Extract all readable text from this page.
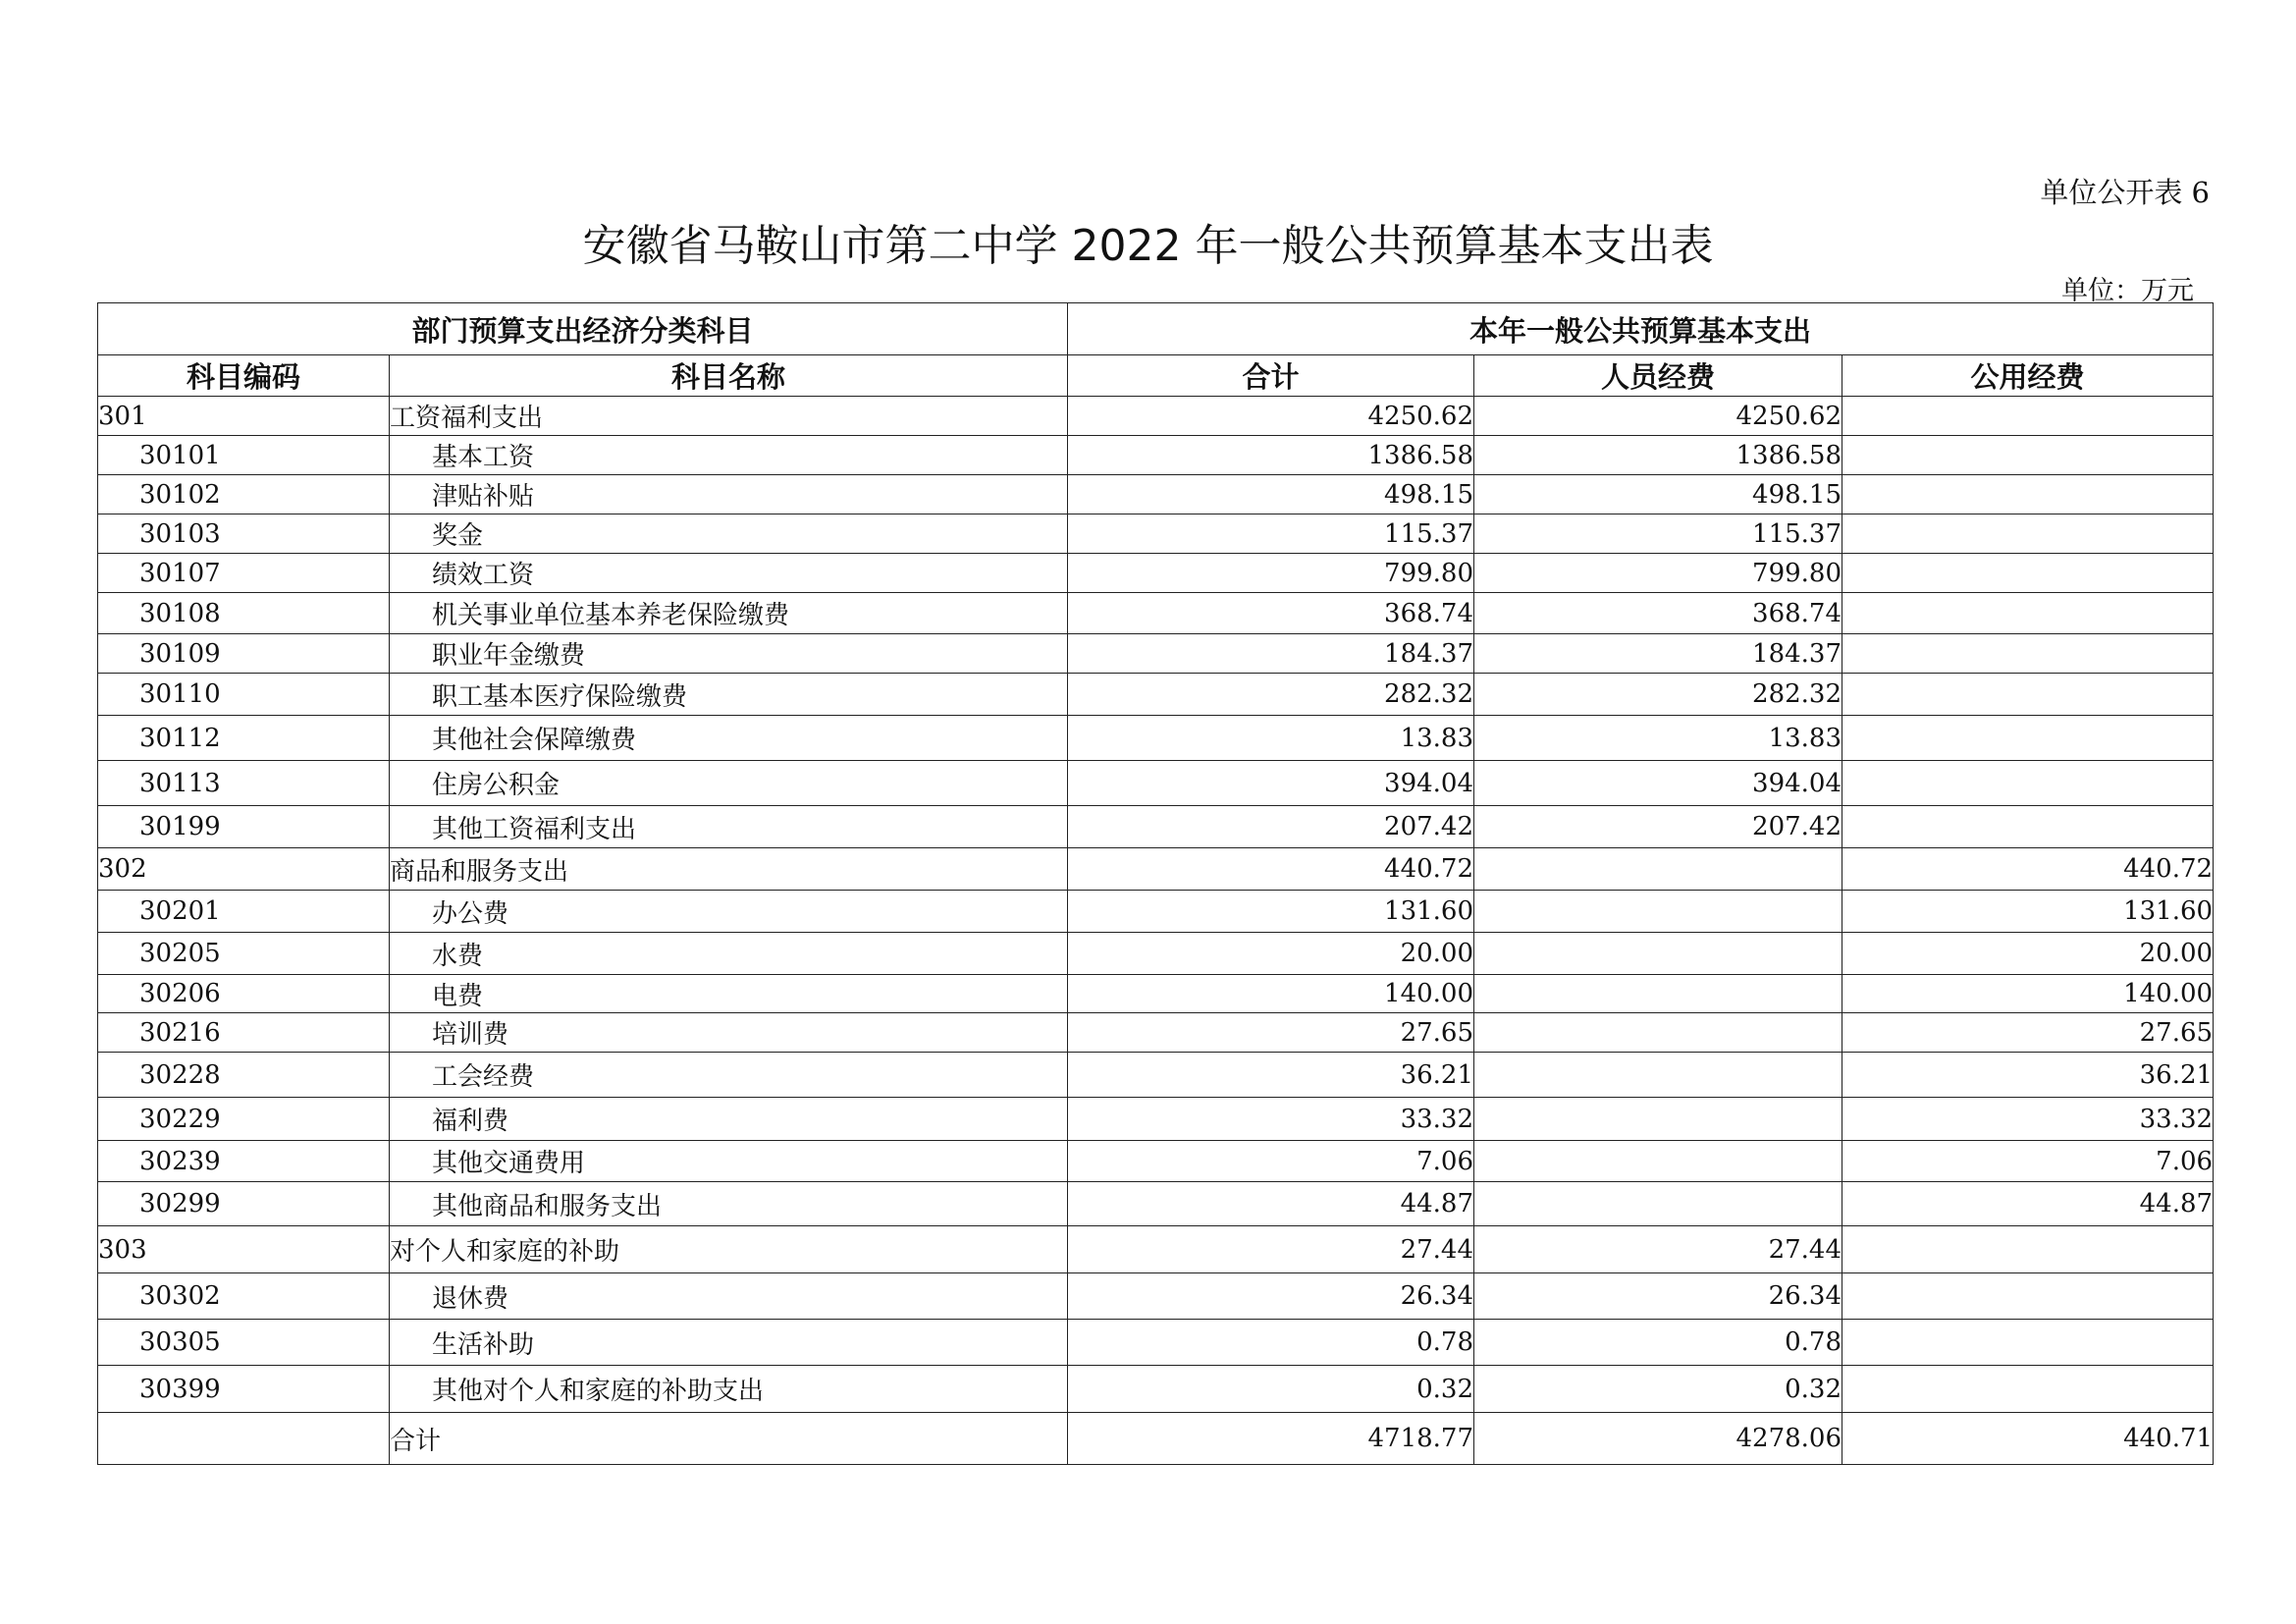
单位公开表 6
安徽省马鞍山市第二中学 2022 年一般公共预算基本支出表
单位：万元
部门预算支出经济分类科目		本年一般公共预算基本支出		
科目编码	科目名称	合计	人员经费	公用经费
301	工资福利支出	4250.62	4250.62	
30101	基本工资	1386.58	1386.58	
30102	津贴补贴	498.15	498.15	
30103	奖金	115.37	115.37	
30107	绩效工资	799.80	799.80	
30108	机关事业单位基本养老保险缴费	368.74	368.74	
30109	职业年金缴费	184.37	184.37	
30110	职工基本医疗保险缴费	282.32	282.32	
30112	其他社会保障缴费	13.83	13.83	
30113	住房公积金	394.04	394.04	
30199	其他工资福利支出	207.42	207.42	
302	商品和服务支出	440.72		440.72
30201	办公费	131.60		131.60
30205	水费	20.00		20.00
30206	电费	140.00		140.00
30216	培训费	27.65		27.65
30228	工会经费	36.21		36.21
30229	福利费	33.32		33.32
30239	其他交通费用	7.06		7.06
30299	其他商品和服务支出	44.87		44.87
303	对个人和家庭的补助	27.44	27.44	
30302	退休费	26.34	26.34	
30305	生活补助	0.78	0.78	
30399	其他对个人和家庭的补助支出	0.32	0.32	
	合计	4718.77	4278.06	440.71
